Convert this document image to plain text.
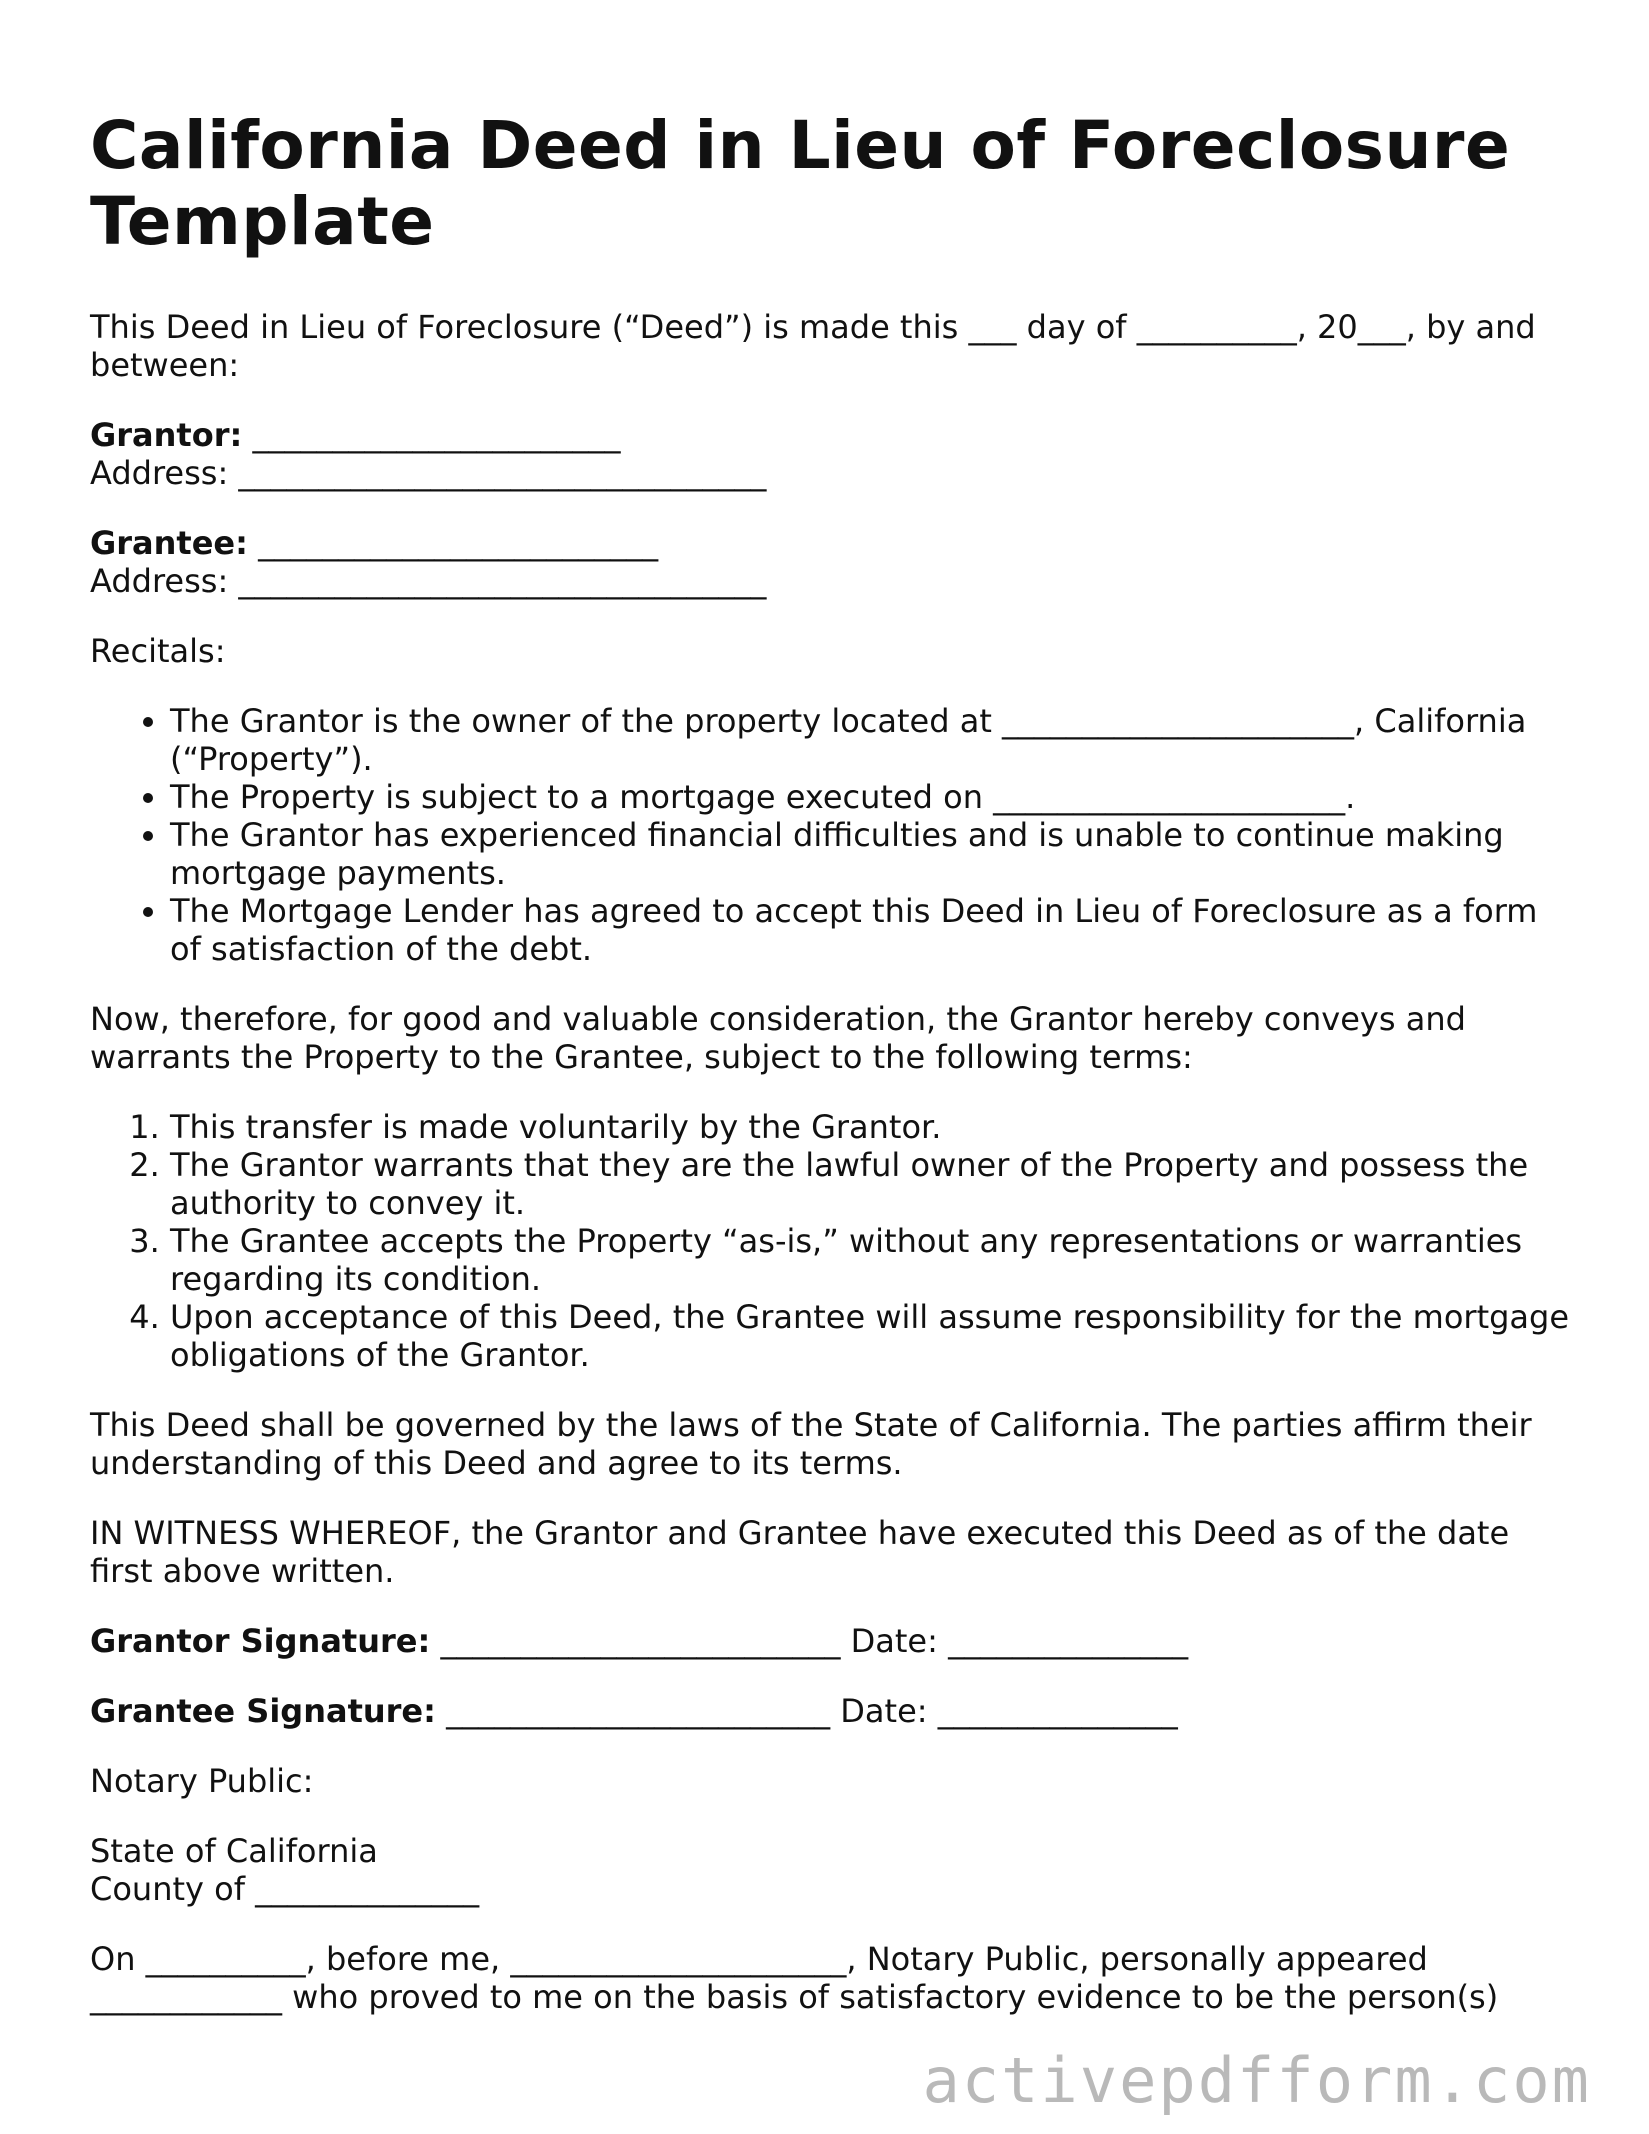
California Deed in Lieu of Foreclosure Template

This Deed in Lieu of Foreclosure (“Deed”) is made this ___ day of __________, 20___, by and between:

Grantor: _______________________
Address: _________________________________
Grantee: _________________________
Address: _________________________________

Recitals:

• The Grantor is the owner of the property located at ______________________, California (“Property”).
• The Property is subject to a mortgage executed on ______________________.
• The Grantor has experienced financial difficulties and is unable to continue making mortgage payments.
• The Mortgage Lender has agreed to accept this Deed in Lieu of Foreclosure as a form of satisfaction of the debt.

Now, therefore, for good and valuable consideration, the Grantor hereby conveys and warrants the Property to the Grantee, subject to the following terms:

1. This transfer is made voluntarily by the Grantor.
2. The Grantor warrants that they are the lawful owner of the Property and possess the authority to convey it.
3. The Grantee accepts the Property “as-is,” without any representations or warranties regarding its condition.
4. Upon acceptance of this Deed, the Grantee will assume responsibility for the mortgage obligations of the Grantor.

This Deed shall be governed by the laws of the State of California. The parties affirm their understanding of this Deed and agree to its terms.

IN WITNESS WHEREOF, the Grantor and Grantee have executed this Deed as of the date first above written.

Grantor Signature: _________________________ Date: _______________

Grantee Signature: ________________________ Date: _______________

Notary Public:

State of California
County of ______________

On __________, before me, _____________________, Notary Public, personally appeared ____________ who proved to me on the basis of satisfactory evidence to be the person(s)

activepdfform.com
